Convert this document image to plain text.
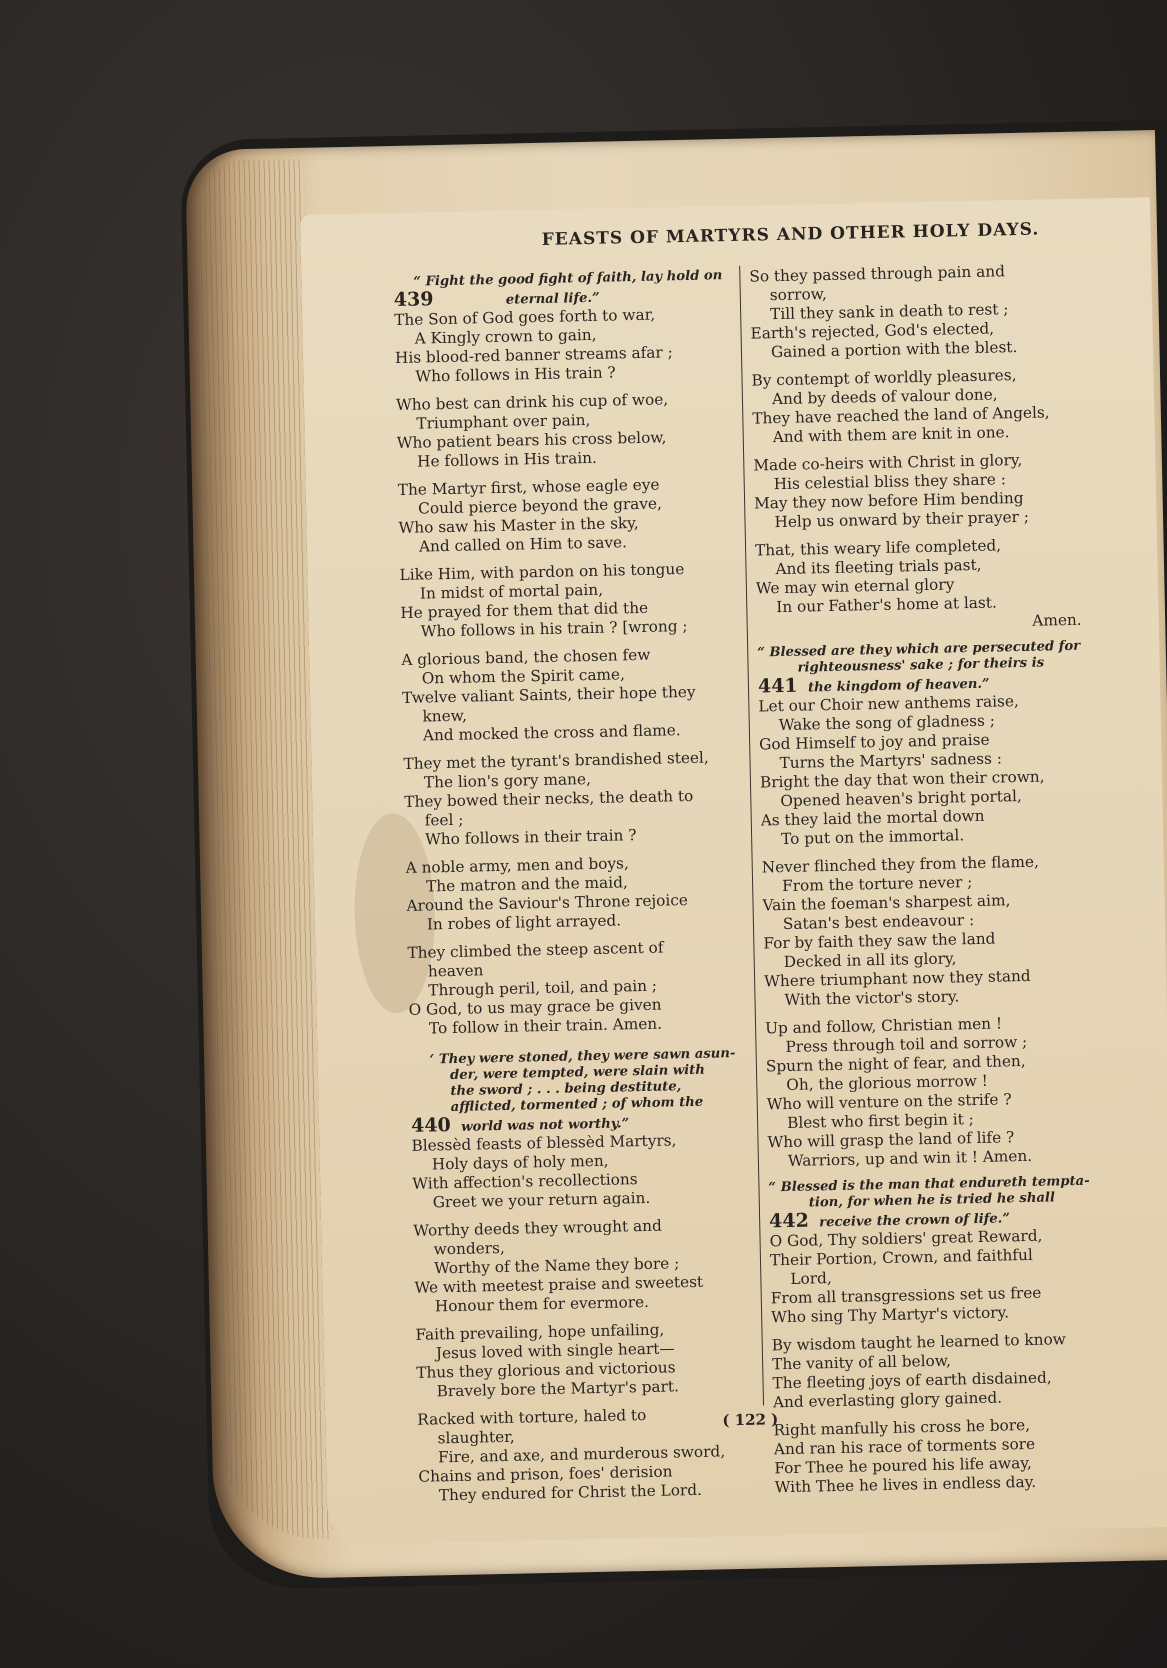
FEASTS OF MARTYRS AND OTHER HOLY DAYS.
“ Fight the good fight of faith, lay hold on
439	eternal life.”
The Son of God goes forth to war,
A Kingly crown to gain,
His blood-red banner streams afar ;
Who follows in His train ?
Who best can drink his cup of woe,
Triumphant over pain,
Who patient bears his cross below,
He follows in His train.
The Martyr first, whose eagle eye
Could pierce beyond the grave,
Who saw his Master in the sky,
And called on Him to save.
Like Him, with pardon on his tongue
In midst of mortal pain,
He prayed for them that did the
Who follows in his train ? [wrong ;
A glorious band, the chosen few
On whom the Spirit came,
Twelve valiant Saints, their hope they
knew,
And mocked the cross and flame.
They met the tyrant's brandished steel,
The lion's gory mane,
They bowed their necks, the death to
feel ;
Who follows in their train ?
A noble army, men and boys,
The matron and the maid,
Around the Saviour's Throne rejoice
In robes of light arrayed.
They climbed the steep ascent of
heaven
Through peril, toil, and pain ;
O God, to us may grace be given
To follow in their train. Amen.
‘ They were stoned, they were sawn asun-
der, were tempted, were slain with
the sword ; . . . being destitute,
afflicted, tormented ; of whom the
440 world was not worthy.”
Blessèd feasts of blessèd Martyrs,
Holy days of holy men,
With affection's recollections
Greet we your return again.
Worthy deeds they wrought and
wonders,
Worthy of the Name they bore ;
We with meetest praise and sweetest
Honour them for evermore.
Faith prevailing, hope unfailing,
Jesus loved with single heart—
Thus they glorious and victorious
Bravely bore the Martyr's part.
Racked with torture, haled to
slaughter,
Fire, and axe, and murderous sword,
Chains and prison, foes' derision
They endured for Christ the Lord.
So they passed through pain and
sorrow,
Till they sank in death to rest ;
Earth's rejected, God's elected,
Gained a portion with the blest.
By contempt of worldly pleasures,
And by deeds of valour done,
They have reached the land of Angels,
And with them are knit in one.
Made co-heirs with Christ in glory,
His celestial bliss they share :
May they now before Him bending
Help us onward by their prayer ;
That, this weary life completed,
And its fleeting trials past,
We may win eternal glory
In our Father's home at last.
Amen.
“ Blessed are they which are persecuted for
righteousness' sake ; for theirs is
441 the kingdom of heaven.”
Let our Choir new anthems raise,
Wake the song of gladness ;
God Himself to joy and praise
Turns the Martyrs' sadness :
Bright the day that won their crown,
Opened heaven's bright portal,
As they laid the mortal down
To put on the immortal.
Never flinched they from the flame,
From the torture never ;
Vain the foeman's sharpest aim,
Satan's best endeavour :
For by faith they saw the land
Decked in all its glory,
Where triumphant now they stand
With the victor's story.
Up and follow, Christian men !
Press through toil and sorrow ;
Spurn the night of fear, and then,
Oh, the glorious morrow !
Who will venture on the strife ?
Blest who first begin it ;
Who will grasp the land of life ?
Warriors, up and win it ! Amen.
“ Blessed is the man that endureth tempta-
tion, for when he is tried he shall
442 receive the crown of life.”
O God, Thy soldiers' great Reward,
Their Portion, Crown, and faithful
Lord,
From all transgressions set us free
Who sing Thy Martyr's victory.
By wisdom taught he learned to know
The vanity of all below,
The fleeting joys of earth disdained,
And everlasting glory gained.
Right manfully his cross he bore,
And ran his race of torments sore
For Thee he poured his life away,
With Thee he lives in endless day.
( 122 )
